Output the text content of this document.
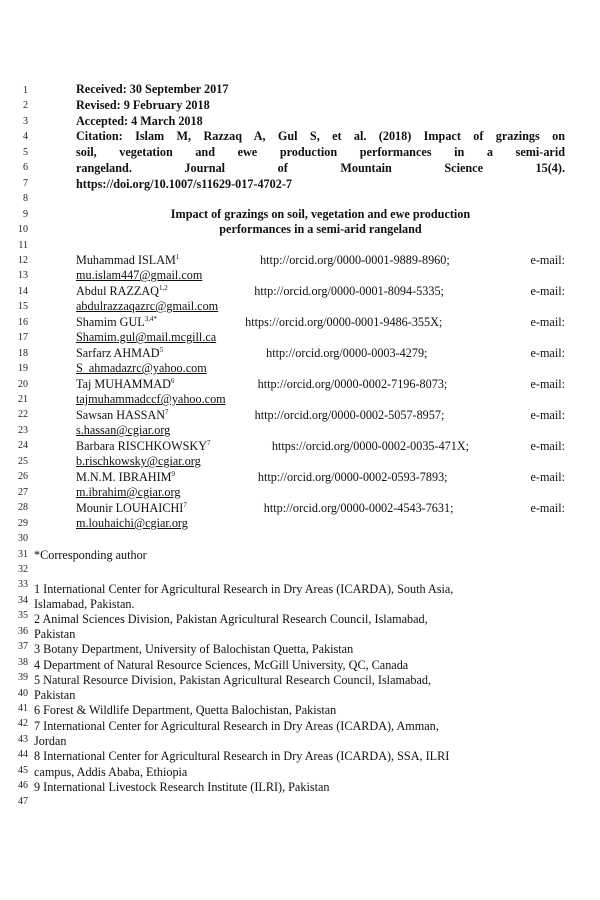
1
2
3
4
5
6
7
8
9
10
11
12
13
14
15
16
17
18
19
20
21
22
23
24
25
26
27
28
29
30
31
32
33
34
35
36
37
38
39
40
41
42
43
44
45
46
47
Received: 30 September 2017
Revised: 9 February 2018
Accepted: 4 March 2018
Citation: Islam M, Razzaq A, Gul S, et al. (2018) Impact of grazings on
soil, vegetation and ewe production performances in a semi-arid
rangeland. Journal of Mountain Science 15(4).
https://doi.org/10.1007/s11629-017-4702-7
Impact of grazings on soil, vegetation and ewe production
performances in a semi-arid rangeland
Muhammad ISLAM$^1$	http://orcid.org/0000-0001-9889-8960;	e-mail:
mu.islam447@gmail.com
Abdul RAZZAQ$^{1,2}$	http://orcid.org/0000-0001-8094-5335;	e-mail:
abdulrazzaqazrc@gmail.com
Shamim $GUL^{3,4*}$	https://orcid.org/0000-0001-9486-355X;	e-mail:
Shamim.gul@mail.mcgill.ca
Sarfarz AHMAD$^5$	http://orcid.org/0000-0003-4279;	e-mail:
S_ahmadazrc@yahoo.com
Taj MUHAMMAD$^6$	http://orcid.org/0000-0002-7196-8073;	e-mail:
tajmuhammadccf@yahoo.com
Sawsan HASSAN$^7$	http://orcid.org/0000-0002-5057-8957;	e-mail:
s.hassan@cgiar.org
Barbara RISCHKOWSKY$^7$	https://orcid.org/0000-0002-0035-471X;	e-mail:
b.rischkowsky@cgiar.org
M.N.M. IBRAHIM$^9$	http://orcid.org/0000-0002-0593-7893;	e-mail:
m.ibrahim@cgiar.org
Mounir LOUHAICHI$^7$	http://orcid.org/0000-0002-4543-7631;	e-mail:
m.louhaichi@cgiar.org
*Corresponding author
1 International Center for Agricultural Research in Dry Areas (ICARDA), South Asia,
Islamabad, Pakistan.
2 Animal Sciences Division, Pakistan Agricultural Research Council, Islamabad,
Pakistan
3 Botany Department, University of Balochistan Quetta, Pakistan
4 Department of Natural Resource Sciences, McGill University, QC, Canada
5 Natural Resource Division, Pakistan Agricultural Research Council, Islamabad,
Pakistan
6 Forest & Wildlife Department, Quetta Balochistan, Pakistan
7 International Center for Agricultural Research in Dry Areas (ICARDA), Amman,
Jordan
8 International Center for Agricultural Research in Dry Areas (ICARDA), SSA, ILRI
campus, Addis Ababa, Ethiopia
9 International Livestock Research Institute (ILRI), Pakistan
